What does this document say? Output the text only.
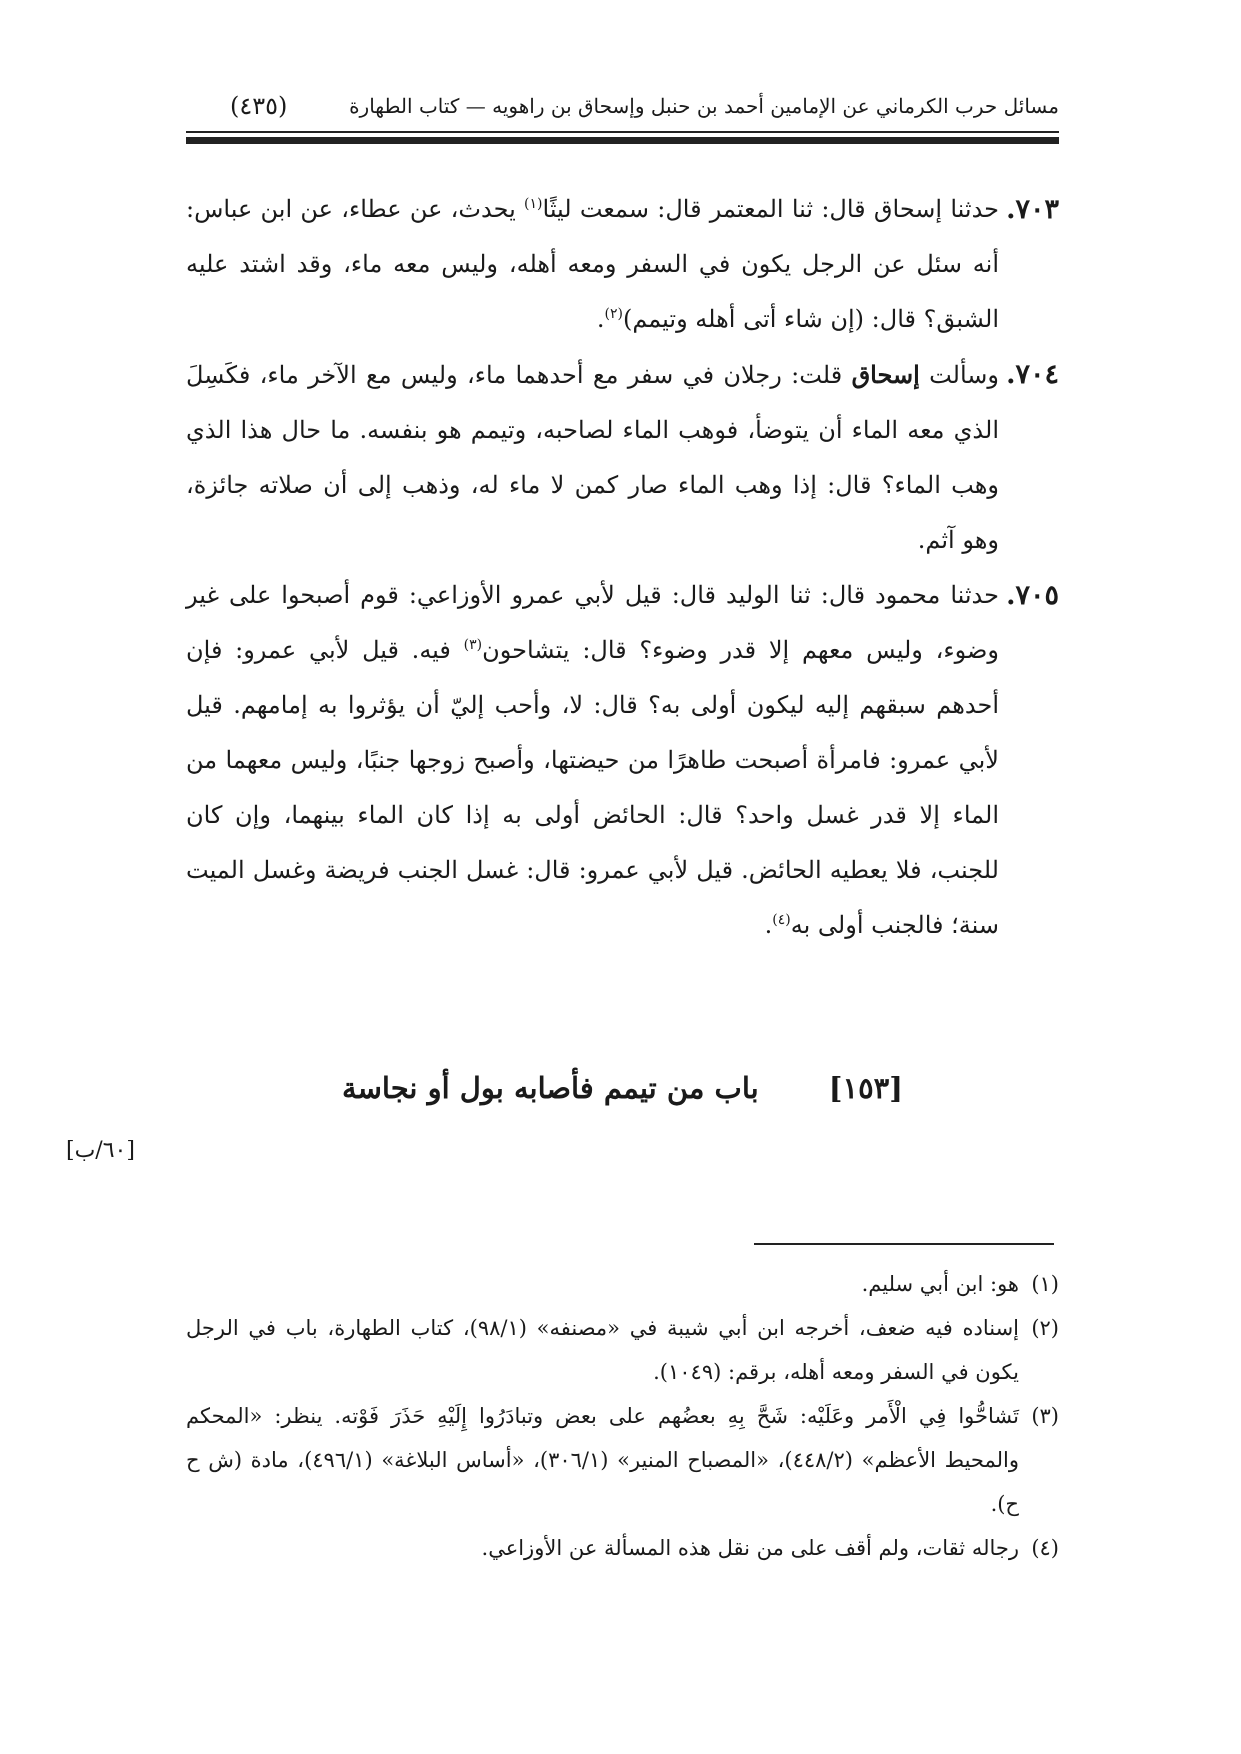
مسائل حرب الكرماني عن الإمامين أحمد بن حنبل وإسحاق بن راهويه — كتاب الطهارة
(٤٣٥)
٧٠٣.
حدثنا إسحاق قال: ثنا المعتمر قال: سمعت ليثًا$^{(١)}$ يحدث، عن عطاء، عن ابن عباس: أنه سئل عن الرجل يكون في السفر ومعه أهله، وليس معه ماء، وقد اشتد عليه الشبق؟ قال: (إن شاء أتى أهله وتيمم)$^{(٢)}$.
٧٠٤.
وسألت إسحاق قلت: رجلان في سفر مع أحدهما ماء، وليس مع الآخر ماء، فكَسِلَ الذي معه الماء أن يتوضأ، فوهب الماء لصاحبه، وتيمم هو بنفسه. ما حال هذا الذي وهب الماء؟ قال: إذا وهب الماء صار كمن لا ماء له، وذهب إلى أن صلاته جائزة، وهو آثم.
٧٠٥.
حدثنا محمود قال: ثنا الوليد قال: قيل لأبي عمرو الأوزاعي: قوم أصبحوا على غير وضوء، وليس معهم إلا قدر وضوء؟ قال: يتشاحون$^{(٣)}$ فيه. قيل لأبي عمرو: فإن أحدهم سبقهم إليه ليكون أولى به؟ قال: لا، وأحب إليّ أن يؤثروا به إمامهم. قيل لأبي عمرو: فامرأة أصبحت طاهرًا من حيضتها، وأصبح زوجها جنبًا، وليس معهما من الماء إلا قدر غسل واحد؟ قال: الحائض أولى به إذا كان الماء بينهما، وإن كان للجنب، فلا يعطيه الحائض. قيل لأبي عمرو: قال: غسل الجنب فريضة وغسل الميت سنة؛ فالجنب أولى به$^{(٤)}$.
[١٥٣]
باب من تيمم فأصابه بول أو نجاسة
[٦٠/ب]
(١)
هو: ابن أبي سليم.
(٢)
إسناده فيه ضعف، أخرجه ابن أبي شيبة في «مصنفه» (٩٨/١)، كتاب الطهارة، باب في الرجل يكون في السفر ومعه أهله، برقم: (١٠٤٩).
(٣)
تَشاحُّوا فِي الْأَمر وعَلَيْه: شَحَّ بِهِ بعضُهم على بعض وتبادَرُوا إِلَيْهِ حَذَرَ فَوْته. ينظر: «المحكم والمحيط الأعظم» (٤٤٨/٢)، «المصباح المنير» (٣٠٦/١)، «أساس البلاغة» (٤٩٦/١)، مادة (ش ح ح).
(٤)
رجاله ثقات، ولم أقف على من نقل هذه المسألة عن الأوزاعي.
